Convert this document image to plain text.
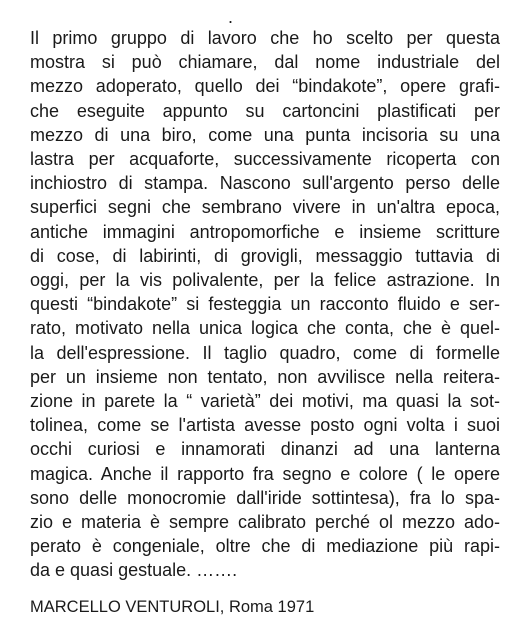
.
Il primo gruppo di lavoro che ho scelto per questa
mostra si può chiamare, dal nome industriale del
mezzo adoperato, quello dei “bindakote”, opere grafi-
che eseguite appunto su cartoncini plastificati per
mezzo di una biro, come una punta incisoria su una
lastra per acquaforte, successivamente ricoperta con
inchiostro di stampa. Nascono sull'argento perso delle
superfici segni che sembrano vivere in un'altra epoca,
antiche immagini antropomorfiche e insieme scritture
di cose, di labirinti, di grovigli, messaggio tuttavia di
oggi, per la vis polivalente, per la felice astrazione. In
questi “bindakote” si festeggia un racconto fluido e ser-
rato, motivato nella unica logica che conta, che è quel-
la dell'espressione. Il taglio quadro, come di formelle
per un insieme non tentato, non avvilisce nella reitera-
zione in parete la “ varietà” dei motivi, ma quasi la sot-
tolinea, come se l'artista avesse posto ogni volta i suoi
occhi curiosi e innamorati dinanzi ad una lanterna
magica. Anche il rapporto fra segno e colore ( le opere
sono delle monocromie dall'iride sottintesa), fra lo spa-
zio e materia è sempre calibrato perché ol mezzo ado-
perato è congeniale, oltre che di mediazione più rapi-
da e quasi gestuale. …….
MARCELLO VENTUROLI, Roma 1971
